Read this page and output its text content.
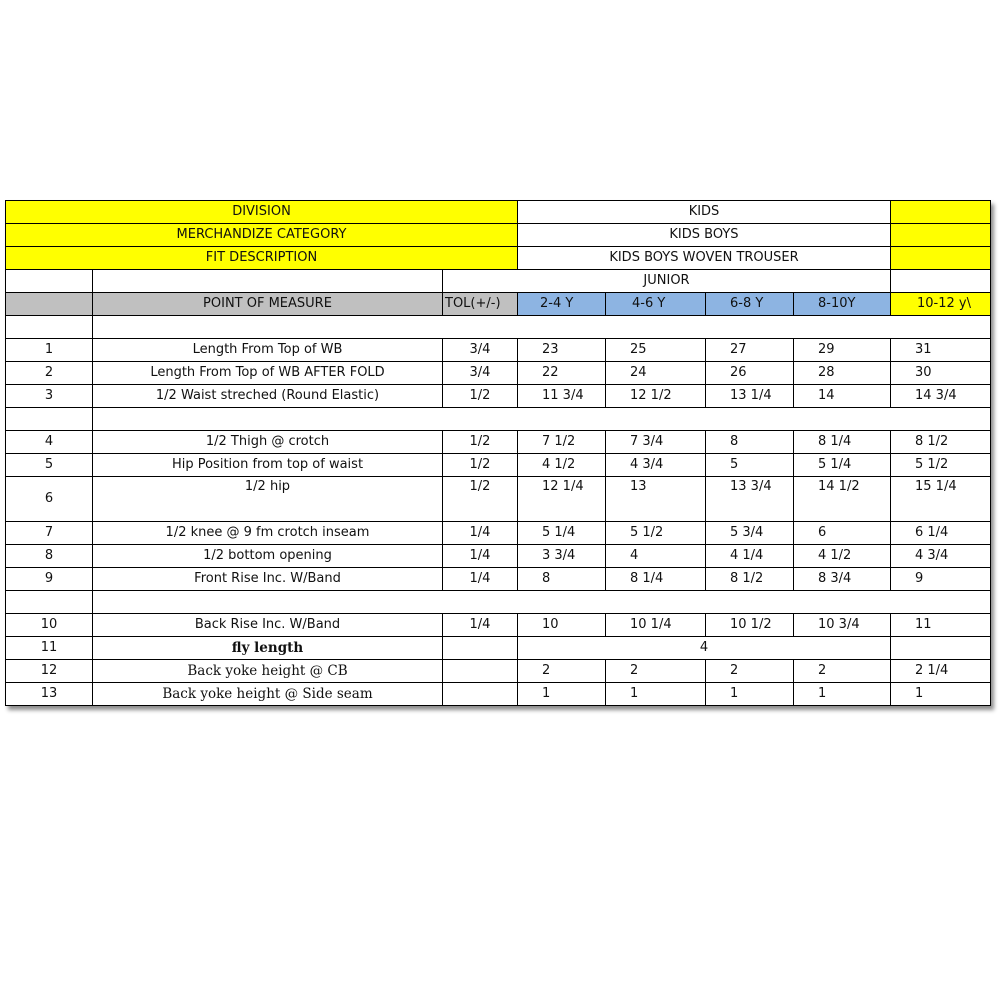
DIVISION			KIDS				
MERCHANDIZE CATEGORY			KIDS BOYS				
FIT DESCRIPTION			KIDS BOYS WOVEN TROUSER				
		JUNIOR					
	POINT OF MEASURE	TOL(+/-)	2-4 Y	4-6 Y	6-8 Y	8-10Y	10-12 y\

1	Length From Top of WB	3/4	23	25	27	29	31
2	Length From Top of WB AFTER FOLD	3/4	22	24	26	28	30
3	1/2 Waist streched (Round Elastic)	1/2	11 3/4	12 1/2	13 1/4	14	14 3/4

4	1/2 Thigh @ crotch	1/2	7 1/2	7 3/4	8	8 1/4	8 1/2
5	Hip Position from top of waist	1/2	4 1/2	4 3/4	5	5 1/4	5 1/2
6	1/2 hip	1/2	12 1/4	13	13 3/4	14 1/2	15 1/4
7	1/2 knee @ 9 fm crotch inseam	1/4	5 1/4	5 1/2	5 3/4	6	6 1/4
8	1/2 bottom opening	1/4	3 3/4	4	4 1/4	4 1/2	4 3/4
9	Front Rise Inc. W/Band	1/4	8	8 1/4	8 1/2	8 3/4	9

10	Back Rise Inc. W/Band	1/4	10	10 1/4	10 1/2	10 3/4	11
11	fly length		4				
12	Back yoke height @ CB		2	2	2	2	2 1/4
13	Back yoke height @ Side seam		1	1	1	1	1
